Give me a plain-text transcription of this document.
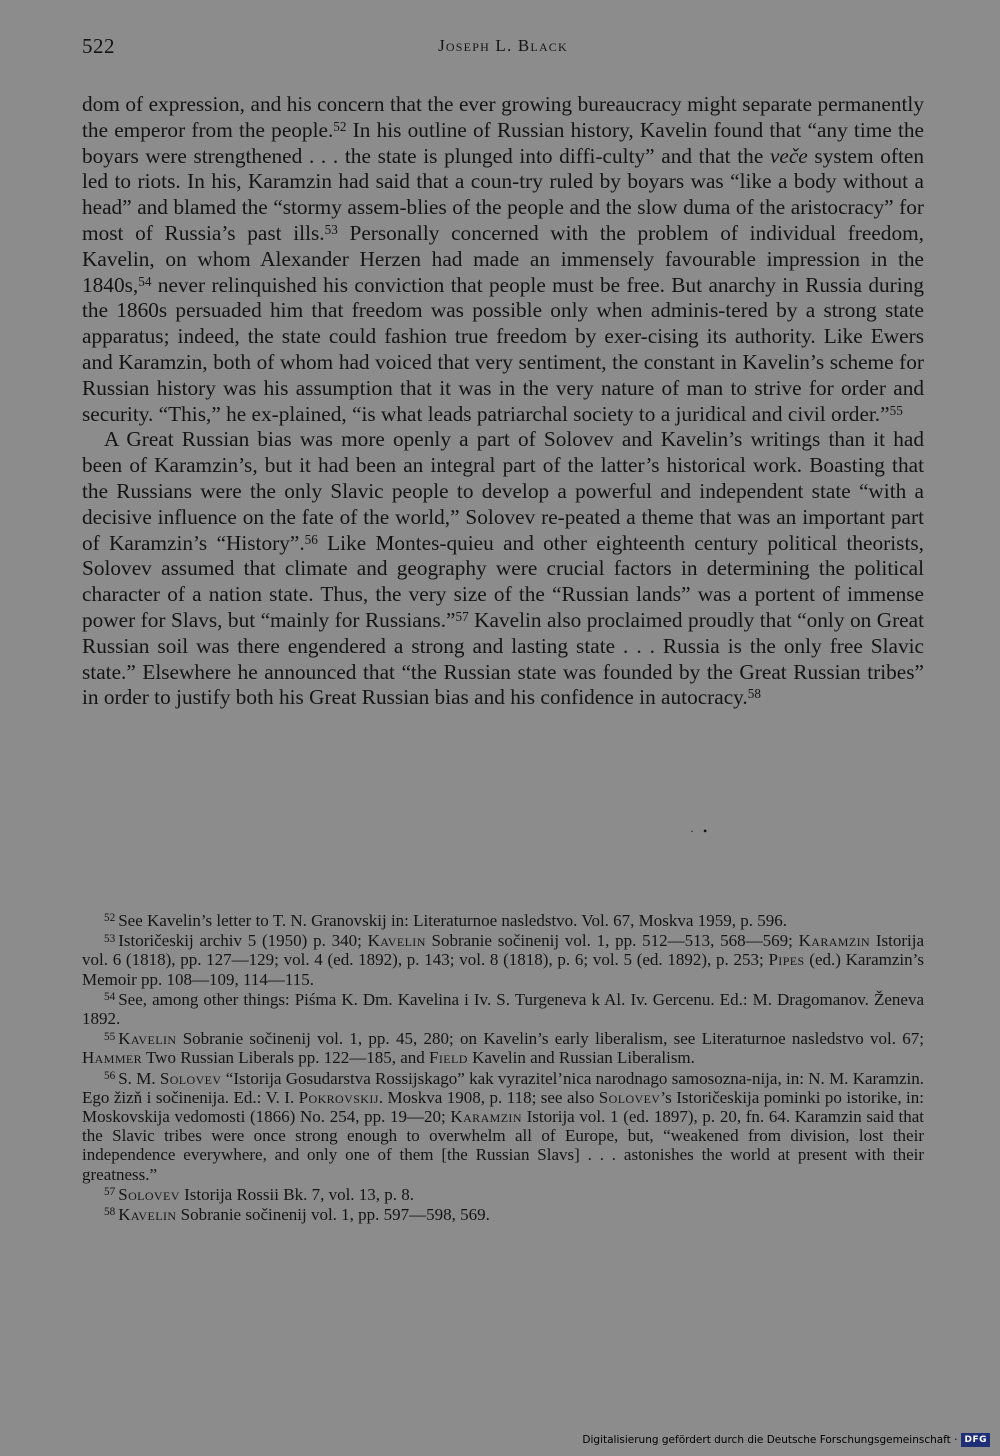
522	Joseph L. Black

dom of expression, and his concern that the ever growing bureaucracy might separate permanently the emperor from the people.$^{52}$ In his outline of Russian history, Kavelin found that “any time the boyars were strengthened . . . the state is plunged into diffi-culty” and that the veče system often led to riots. In his, Karamzin had said that a coun-try ruled by boyars was “like a body without a head” and blamed the “stormy assem-blies of the people and the slow duma of the aristocracy” for most of Russia’s past ills.$^{53}$ Personally concerned with the problem of individual freedom, Kavelin, on whom Alexander Herzen had made an immensely favourable impression in the 1840s,$^{54}$ never relinquished his conviction that people must be free. But anarchy in Russia during the 1860s persuaded him that freedom was possible only when adminis-tered by a strong state apparatus; indeed, the state could fashion true freedom by exer-cising its authority. Like Ewers and Karamzin, both of whom had voiced that very sentiment, the constant in Kavelin’s scheme for Russian history was his assumption that it was in the very nature of man to strive for order and security. “This,” he ex-plained, “is what leads patriarchal society to a juridical and civil order.”$^{55}$

A Great Russian bias was more openly a part of Solovev and Kavelin’s writings than it had been of Karamzin’s, but it had been an integral part of the latter’s historical work. Boasting that the Russians were the only Slavic people to develop a powerful and independent state “with a decisive influence on the fate of the world,” Solovev re-peated a theme that was an important part of Karamzin’s “History”.$^{56}$ Like Montes-quieu and other eighteenth century political theorists, Solovev assumed that climate and geography were crucial factors in determining the political character of a nation state. Thus, the very size of the “Russian lands” was a portent of immense power for Slavs, but “mainly for Russians.”$^{57}$ Kavelin also proclaimed proudly that “only on Great Russian soil was there engendered a strong and lasting state . . . Russia is the only free Slavic state.” Elsewhere he announced that “the Russian state was founded by the Great Russian tribes” in order to justify both his Great Russian bias and his confidence in autocracy.$^{58}$

· •

$^{52}$ See Kavelin’s letter to T. N. Granovskij in: Literaturnoe nasledstvo. Vol. 67, Moskva 1959, p. 596.

$^{53}$ Istoričeskij archiv 5 (1950) p. 340; Kavelin Sobranie sočinenij vol. 1, pp. 512—513, 568—569; Karamzin Istorija vol. 6 (1818), pp. 127—129; vol. 4 (ed. 1892), p. 143; vol. 8 (1818), p. 6; vol. 5 (ed. 1892), p. 253; Pipes (ed.) Karamzin’s Memoir pp. 108—109, 114—115.

$^{54}$ See, among other things: Piśma K. Dm. Kavelina i Iv. S. Turgeneva k Al. Iv. Gercenu. Ed.: M. Dragomanov. Ženeva 1892.

$^{55}$ Kavelin Sobranie sočinenij vol. 1, pp. 45, 280; on Kavelin’s early liberalism, see Literaturnoe nasledstvo vol. 67; Hammer Two Russian Liberals pp. 122—185, and Field Kavelin and Russian Liberalism.

$^{56}$ S. M. Solovev “Istorija Gosudarstva Rossijskago” kak vyrazitel’nica narodnago samosozna-nija, in: N. M. Karamzin. Ego žizň i sočinenija. Ed.: V. I. Pokrovskij. Moskva 1908, p. 118; see also Solovev’s Istoričeskija pominki po istorike, in: Moskovskija vedomosti (1866) No. 254, pp. 19—20; Karamzin Istorija vol. 1 (ed. 1897), p. 20, fn. 64. Karamzin said that the Slavic tribes were once strong enough to overwhelm all of Europe, but, “weakened from division, lost their independence everywhere, and only one of them [the Russian Slavs] . . . astonishes the world at present with their greatness.”

$^{57}$ Solovev Istorija Rossii Bk. 7, vol. 13, p. 8.

$^{58}$ Kavelin Sobranie sočinenij vol. 1, pp. 597—598, 569.

Digitalisierung gefördert durch die Deutsche Forschungsgemeinschaft · DFG
